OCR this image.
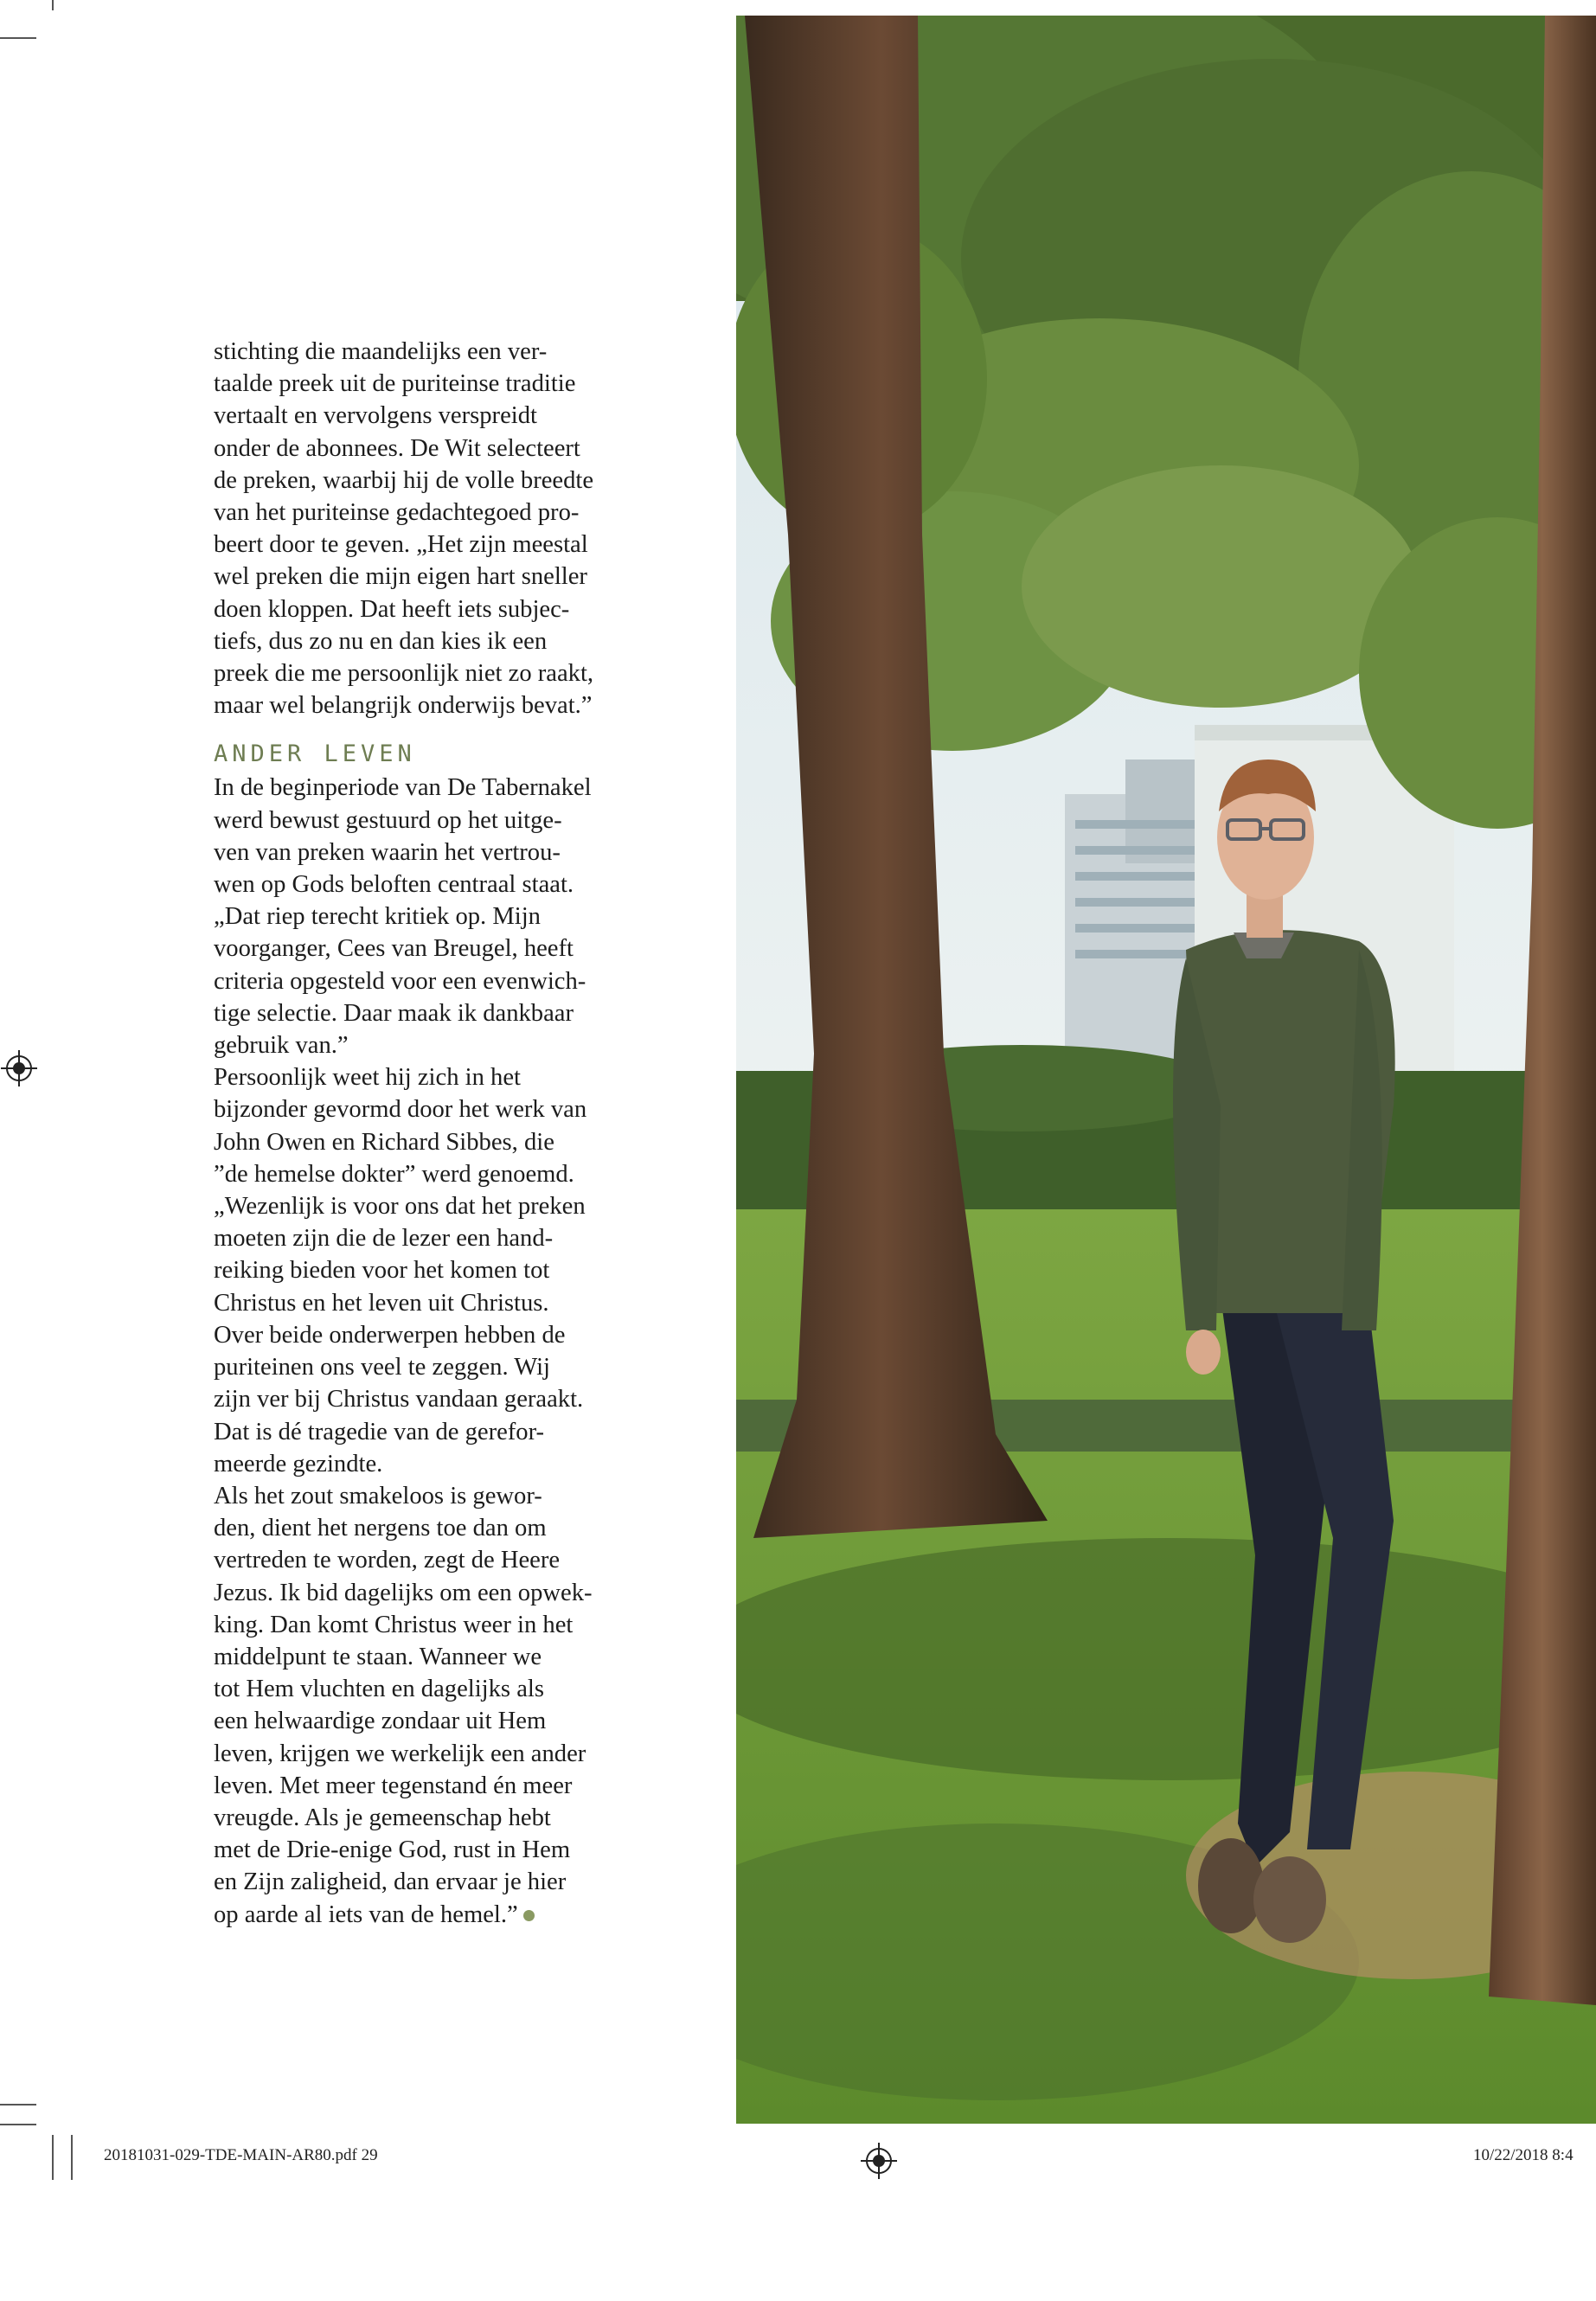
stichting die maandelijks een ver-
taalde preek uit de puriteinse traditie
vertaalt en vervolgens verspreidt
onder de abonnees. De Wit selecteert
de preken, waarbij hij de volle breedte
van het puriteinse gedachtegoed pro-
beert door te geven. „Het zijn meestal
wel preken die mijn eigen hart sneller
doen kloppen. Dat heeft iets subjec-
tiefs, dus zo nu en dan kies ik een
preek die me persoonlijk niet zo raakt,
maar wel belangrijk onderwijs bevat.”
ANDER LEVEN
In de beginperiode van De Tabernakel
werd bewust gestuurd op het uitge-
ven van preken waarin het vertrou-
wen op Gods beloften centraal staat.
„Dat riep terecht kritiek op. Mijn
voorganger, Cees van Breugel, heeft
criteria opgesteld voor een evenwich-
tige selectie. Daar maak ik dankbaar
gebruik van.”
Persoonlijk weet hij zich in het
bijzonder gevormd door het werk van
John Owen en Richard Sibbes, die
”de hemelse dokter” werd genoemd.
„Wezenlijk is voor ons dat het preken
moeten zijn die de lezer een hand-
reiking bieden voor het komen tot
Christus en het leven uit Christus.
Over beide onderwerpen hebben de
puriteinen ons veel te zeggen. Wij
zijn ver bij Christus vandaan geraakt.
Dat is dé tragedie van de gerefor-
meerde gezindte.
Als het zout smakeloos is gewor-
den, dient het nergens toe dan om
vertreden te worden, zegt de Heere
Jezus. Ik bid dagelijks om een opwek-
king. Dan komt Christus weer in het
middelpunt te staan. Wanneer we
tot Hem vluchten en dagelijks als
een helwaardige zondaar uit Hem
leven, krijgen we werkelijk een ander
leven. Met meer tegenstand én meer
vreugde. Als je gemeenschap hebt
met de Drie-enige God, rust in Hem
en Zijn zaligheid, dan ervaar je hier
op aarde al iets van de hemel.”
20181031-029-TDE-MAIN-AR80.pdf 29	10/22/2018 8:4
